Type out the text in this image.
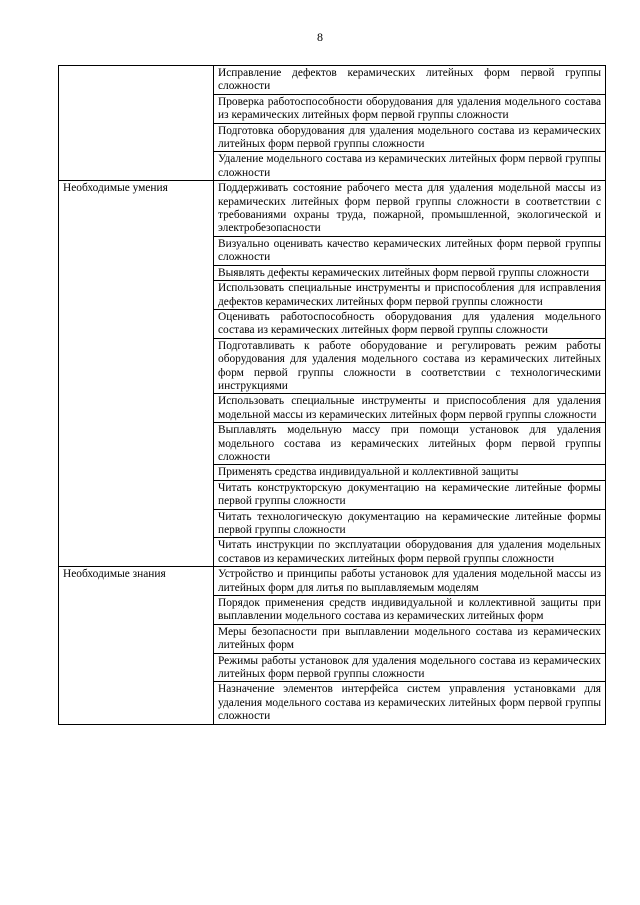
8
	Исправление дефектов керамических литейных форм первой группы сложности
	Проверка работоспособности оборудования для удаления модельного состава из керамических литейных форм первой группы сложности
	Подготовка оборудования для удаления модельного состава из керамических литейных форм первой группы сложности
	Удаление модельного состава из керамических литейных форм первой группы сложности
Необходимые умения	Поддерживать состояние рабочего места для удаления модельной массы из керамических литейных форм первой группы сложности в соответствии с требованиями охраны труда, пожарной, промышленной, экологической и электробезопасности
	Визуально оценивать качество керамических литейных форм первой группы сложности
	Выявлять дефекты керамических литейных форм первой группы сложности
	Использовать специальные инструменты и приспособления для исправления дефектов керамических литейных форм первой группы сложности
	Оценивать работоспособность оборудования для удаления модельного состава из керамических литейных форм первой группы сложности
	Подготавливать к работе оборудование и регулировать режим работы оборудования для удаления модельного состава из керамических литейных форм первой группы сложности в соответствии с технологическими инструкциями
	Использовать специальные инструменты и приспособления для удаления модельной массы из керамических литейных форм первой группы сложности
	Выплавлять модельную массу при помощи установок для удаления модельного состава из керамических литейных форм первой группы сложности
	Применять средства индивидуальной и коллективной защиты
	Читать конструкторскую документацию на керамические литейные формы первой группы сложности
	Читать технологическую документацию на керамические литейные формы первой группы сложности
	Читать инструкции по эксплуатации оборудования для удаления модельных составов из керамических литейных форм первой группы сложности
Необходимые знания	Устройство и принципы работы установок для удаления модельной массы из литейных форм для литья по выплавляемым моделям
	Порядок применения средств индивидуальной и коллективной защиты при выплавлении модельного состава из керамических литейных форм
	Меры безопасности при выплавлении модельного состава из керамических литейных форм
	Режимы работы установок для удаления модельного состава из керамических литейных форм первой группы сложности
	Назначение элементов интерфейса систем управления установками для удаления модельного состава из керамических литейных форм первой группы сложности
